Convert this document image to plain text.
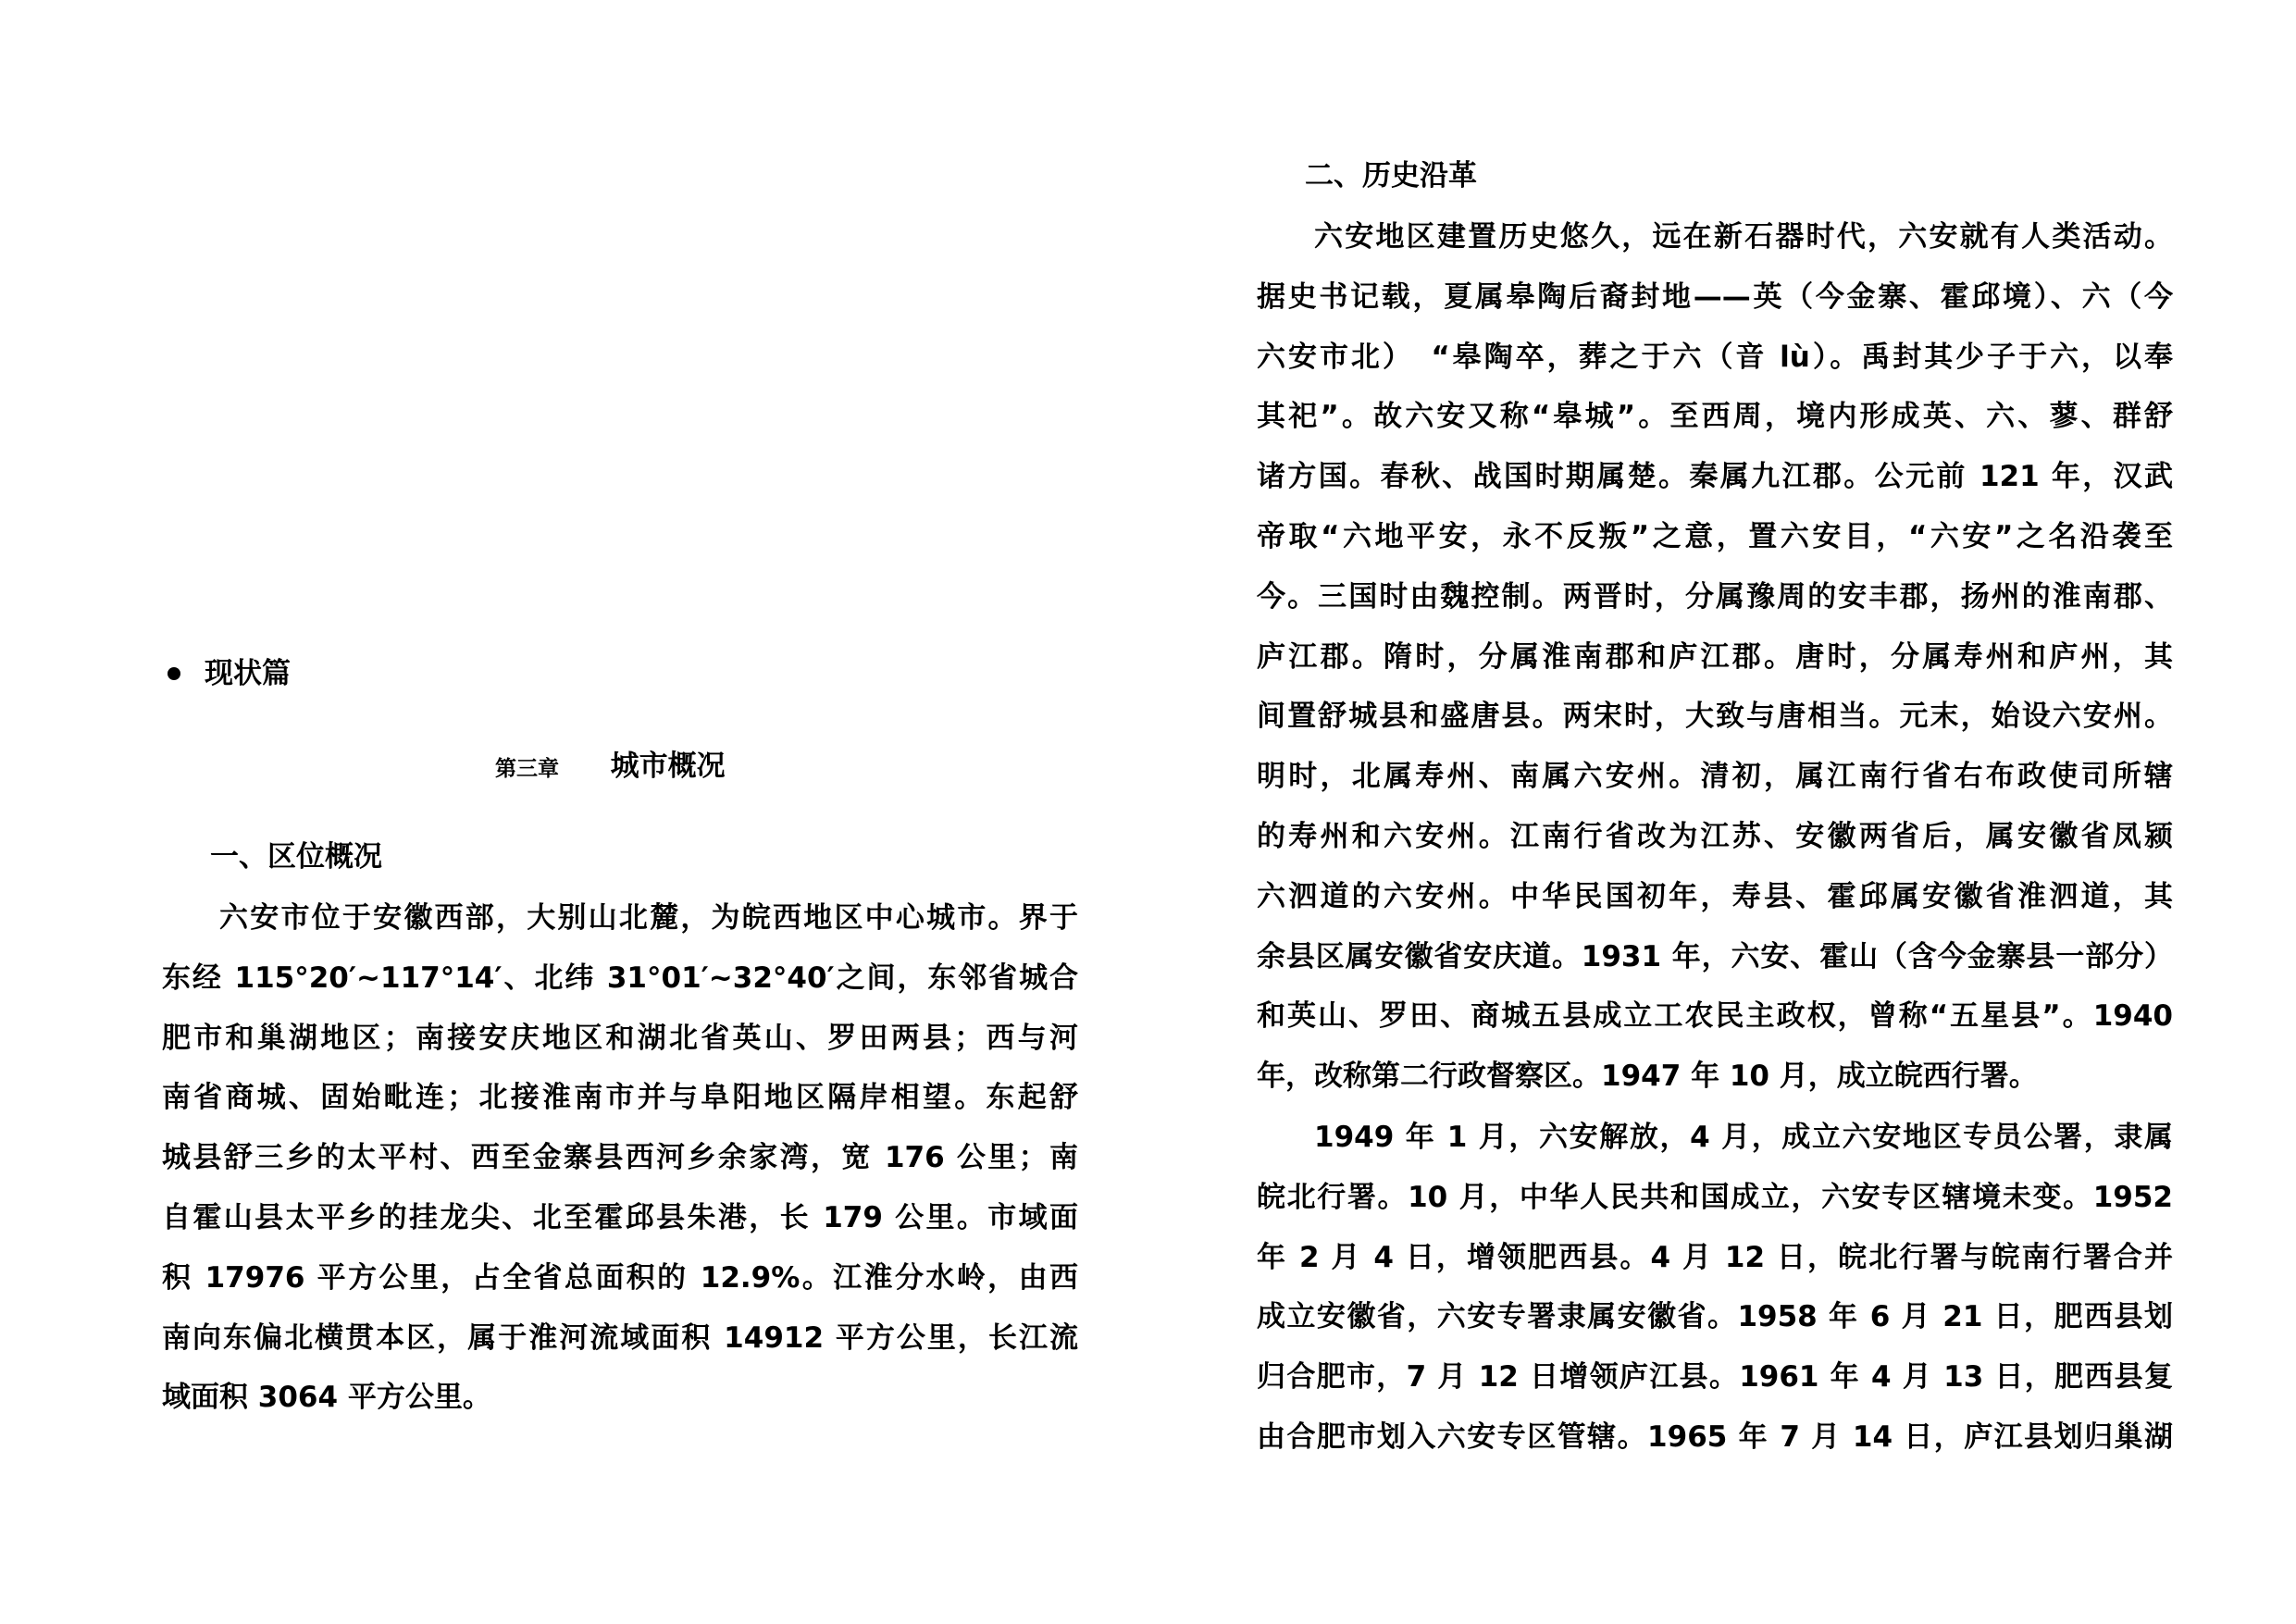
现状篇
第三章 城市概况
一、区位概况
六安市位于安徽西部，大别山北麓，为皖西地区中心城市。界于
东经 115°20′~117°14′、北纬 31°01′~32°40′之间，东邻省城合
肥市和巢湖地区；南接安庆地区和湖北省英山、罗田两县；西与河
南省商城、固始毗连；北接淮南市并与阜阳地区隔岸相望。东起舒
城县舒三乡的太平村、西至金寨县西河乡余家湾，宽 176 公里；南
自霍山县太平乡的挂龙尖、北至霍邱县朱港，长 179 公里。市域面
积 17976 平方公里，占全省总面积的 12.9%。江淮分水岭，由西
南向东偏北横贯本区，属于淮河流域面积 14912 平方公里，长江流
域面积 3064 平方公里。
二、历史沿革
六安地区建置历史悠久，远在新石器时代，六安就有人类活动。
据史书记载，夏属皋陶后裔封地——英（今金寨、霍邱境）、六（今
六安市北）　“皋陶卒，葬之于六（音 lù）。禹封其少子于六，以奉
其祀”。故六安又称“皋城”。至西周，境内形成英、六、蓼、群舒
诸方国。春秋、战国时期属楚。秦属九江郡。公元前 121 年，汉武
帝取“六地平安，永不反叛”之意，置六安目，“六安”之名沿袭至
今。三国时由魏控制。两晋时，分属豫周的安丰郡，扬州的淮南郡、
庐江郡。隋时，分属淮南郡和庐江郡。唐时，分属寿州和庐州，其
间置舒城县和盛唐县。两宋时，大致与唐相当。元末，始设六安州。
明时，北属寿州、南属六安州。清初，属江南行省右布政使司所辖
的寿州和六安州。江南行省改为江苏、安徽两省后，属安徽省凤颍
六泗道的六安州。中华民国初年，寿县、霍邱属安徽省淮泗道，其
余县区属安徽省安庆道。1931 年，六安、霍山（含今金寨县一部分）
和英山、罗田、商城五县成立工农民主政权，曾称“五星县”。1940
年，改称第二行政督察区。1947 年 10 月，成立皖西行署。
1949 年 1 月，六安解放，4 月，成立六安地区专员公署，隶属
皖北行署。10 月，中华人民共和国成立，六安专区辖境未变。1952
年 2 月 4 日，增领肥西县。4 月 12 日，皖北行署与皖南行署合并
成立安徽省，六安专署隶属安徽省。1958 年 6 月 21 日，肥西县划
归合肥市，7 月 12 日增领庐江县。1961 年 4 月 13 日，肥西县复
由合肥市划入六安专区管辖。1965 年 7 月 14 日，庐江县划归巢湖
